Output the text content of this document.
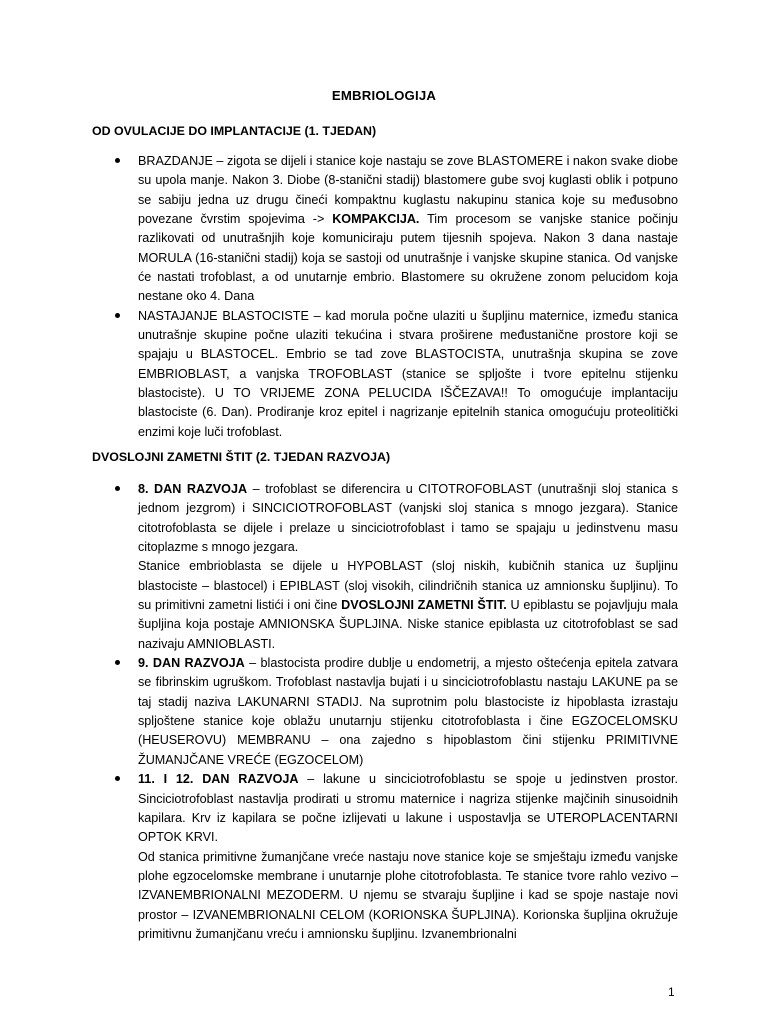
EMBRIOLOGIJA
OD OVULACIJE DO IMPLANTACIJE (1. TJEDAN)

BRAZDANJE – zigota se dijeli i stanice koje nastaju se zove BLASTOMERE i nakon svake diobe su upola manje. Nakon 3. Diobe (8-stanični stadij) blastomere gube svoj kuglasti oblik i potpuno se sabiju jedna uz drugu čineći kompaktnu kuglastu nakupinu stanica koje su međusobno povezane čvrstim spojevima -> KOMPAKCIJA. Tim procesom se vanjske stanice počinju razlikovati od unutrašnjih koje komuniciraju putem tijesnih spojeva. Nakon 3 dana nastaje MORULA (16-stanični stadij) koja se sastoji od unutrašnje i vanjske skupine stanica. Od vanjske će nastati trofoblast, a od unutarnje embrio. Blastomere su okružene zonom pelucidom koja nestane oko 4. Dana

NASTAJANJE BLASTOCISTE – kad morula počne ulaziti u šupljinu maternice, između stanica unutrašnje skupine počne ulaziti tekućina i stvara proširene međustanične prostore koji se spajaju u BLASTOCEL. Embrio se tad zove BLASTOCISTA, unutrašnja skupina se zove EMBRIOBLAST, a vanjska TROFOBLAST (stanice se spljošte i tvore epitelnu stijenku blastociste). U TO VRIJEME ZONA PELUCIDA IŠČEZAVA!! To omogućuje implantaciju blastociste (6. Dan). Prodiranje kroz epitel i nagrizanje epitelnih stanica omogućuju proteolitički enzimi koje luči trofoblast.

DVOSLOJNI ZAMETNI ŠTIT (2. TJEDAN RAZVOJA)

8. DAN RAZVOJA – trofoblast se diferencira u CITOTROFOBLAST (unutrašnji sloj stanica s jednom jezgrom) i SINCICIOTROFOBLAST (vanjski sloj stanica s mnogo jezgara). Stanice citotrofoblasta se dijele i prelaze u sinciciotrofoblast i tamo se spajaju u jedinstvenu masu citoplazme s mnogo jezgara.

Stanice embrioblasta se dijele u HYPOBLAST (sloj niskih, kubičnih stanica uz šupljinu blastociste – blastocel) i EPIBLAST (sloj visokih, cilindričnih stanica uz amnionsku šupljinu). To su primitivni zametni listići i oni čine DVOSLOJNI ZAMETNI ŠTIT. U epiblastu se pojavljuju mala šupljina koja postaje AMNIONSKA ŠUPLJINA. Niske stanice epiblasta uz citotrofoblast se sad nazivaju AMNIOBLASTI.

9. DAN RAZVOJA – blastocista prodire dublje u endometrij, a mjesto oštećenja epitela zatvara se fibrinskim ugruškom. Trofoblast nastavlja bujati i u sinciciotrofoblastu nastaju LAKUNE pa se taj stadij naziva LAKUNARNI STADIJ. Na suprotnim polu blastociste iz hipoblasta izrastaju spljoštene stanice koje oblažu unutarnju stijenku citotrofoblasta i čine EGZOCELOMSKU (HEUSEROVU) MEMBRANU – ona zajedno s hipoblastom čini stijenku PRIMITIVNE ŽUMANJČANE VREĆE (EGZOCELOM)

11. I 12. DAN RAZVOJA – lakune u sinciciotrofoblastu se spoje u jedinstven prostor. Sinciciotrofoblast nastavlja prodirati u stromu maternice i nagriza stijenke majčinih sinusoidnih kapilara. Krv iz kapilara se počne izlijevati u lakune i uspostavlja se UTEROPLACENTARNI OPTOK KRVI.

Od stanica primitivne žumanjčane vreće nastaju nove stanice koje se smještaju između vanjske plohe egzocelomske membrane i unutarnje plohe citotrofoblasta. Te stanice tvore rahlo vezivo – IZVANEMBRIONALNI MEZODERM. U njemu se stvaraju šupljine i kad se spoje nastaje novi prostor – IZVANEMBRIONALNI CELOM (KORIONSKA ŠUPLJINA). Korionska šupljina okružuje primitivnu žumanjčanu vreću i amnionsku šupljinu. Izvanembrionalni

1
